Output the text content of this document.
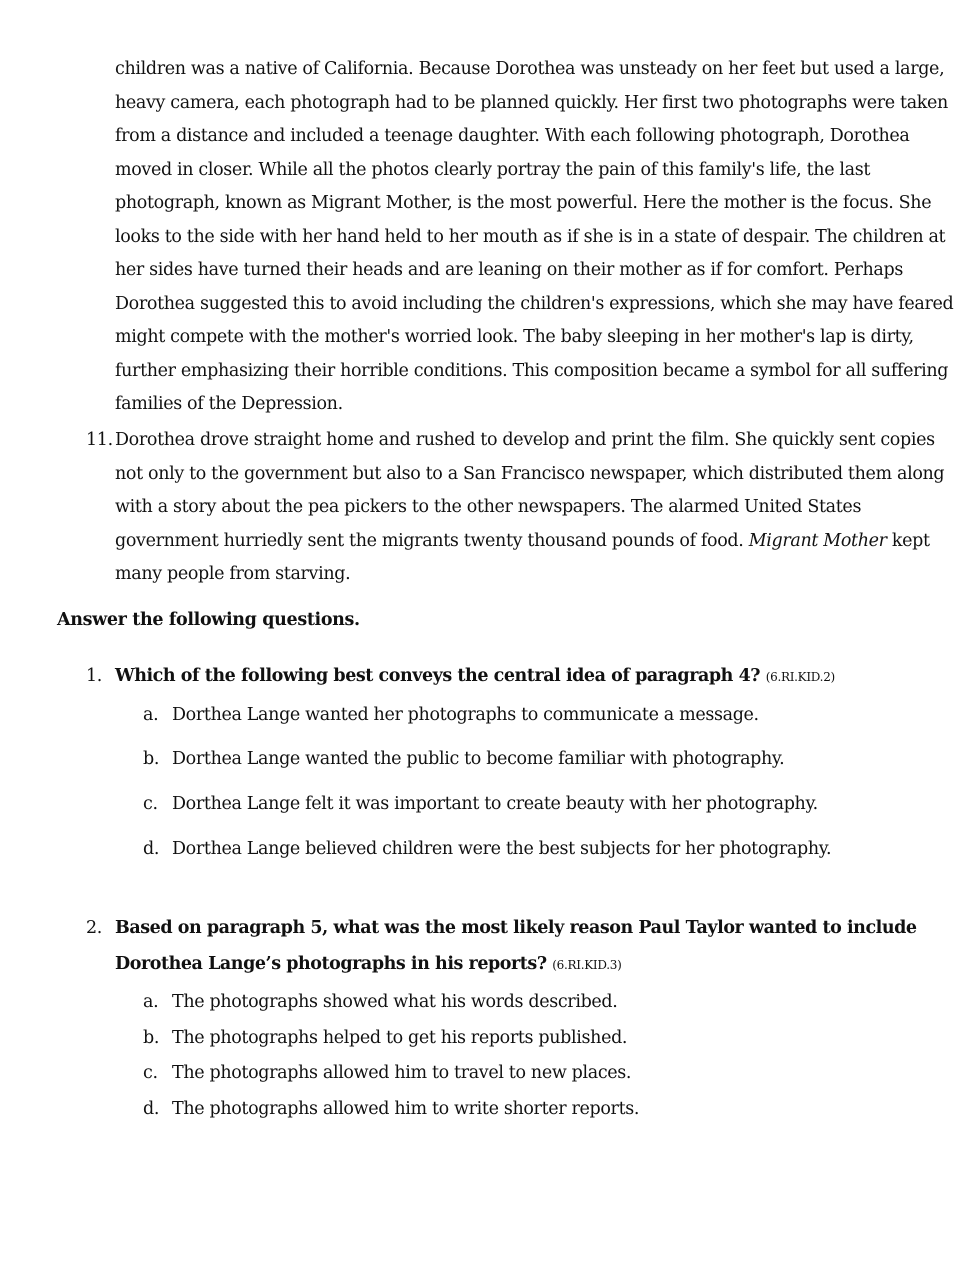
children was a native of California. Because Dorothea was unsteady on her feet but used a large,
heavy camera, each photograph had to be planned quickly. Her first two photographs were taken
from a distance and included a teenage daughter. With each following photograph, Dorothea
moved in closer. While all the photos clearly portray the pain of this family's life, the last
photograph, known as Migrant Mother, is the most powerful. Here the mother is the focus. She
looks to the side with her hand held to her mouth as if she is in a state of despair. The children at
her sides have turned their heads and are leaning on their mother as if for comfort. Perhaps
Dorothea suggested this to avoid including the children's expressions, which she may have feared
might compete with the mother's worried look. The baby sleeping in her mother's lap is dirty,
further emphasizing their horrible conditions. This composition became a symbol for all suffering
families of the Depression.

11. Dorothea drove straight home and rushed to develop and print the film. She quickly sent copies
not only to the government but also to a San Francisco newspaper, which distributed them along
with a story about the pea pickers to the other newspapers. The alarmed United States
government hurriedly sent the migrants twenty thousand pounds of food. Migrant Mother kept
many people from starving.

Answer the following questions.

1. Which of the following best conveys the central idea of paragraph 4? (6.RI.KID.2)

a. Dorthea Lange wanted her photographs to communicate a message.

b. Dorthea Lange wanted the public to become familiar with photography.

c. Dorthea Lange felt it was important to create beauty with her photography.

d. Dorthea Lange believed children were the best subjects for her photography.

2. Based on paragraph 5, what was the most likely reason Paul Taylor wanted to include

Dorothea Lange’s photographs in his reports? (6.RI.KID.3)

a. The photographs showed what his words described.

b. The photographs helped to get his reports published.

c. The photographs allowed him to travel to new places.

d. The photographs allowed him to write shorter reports.
